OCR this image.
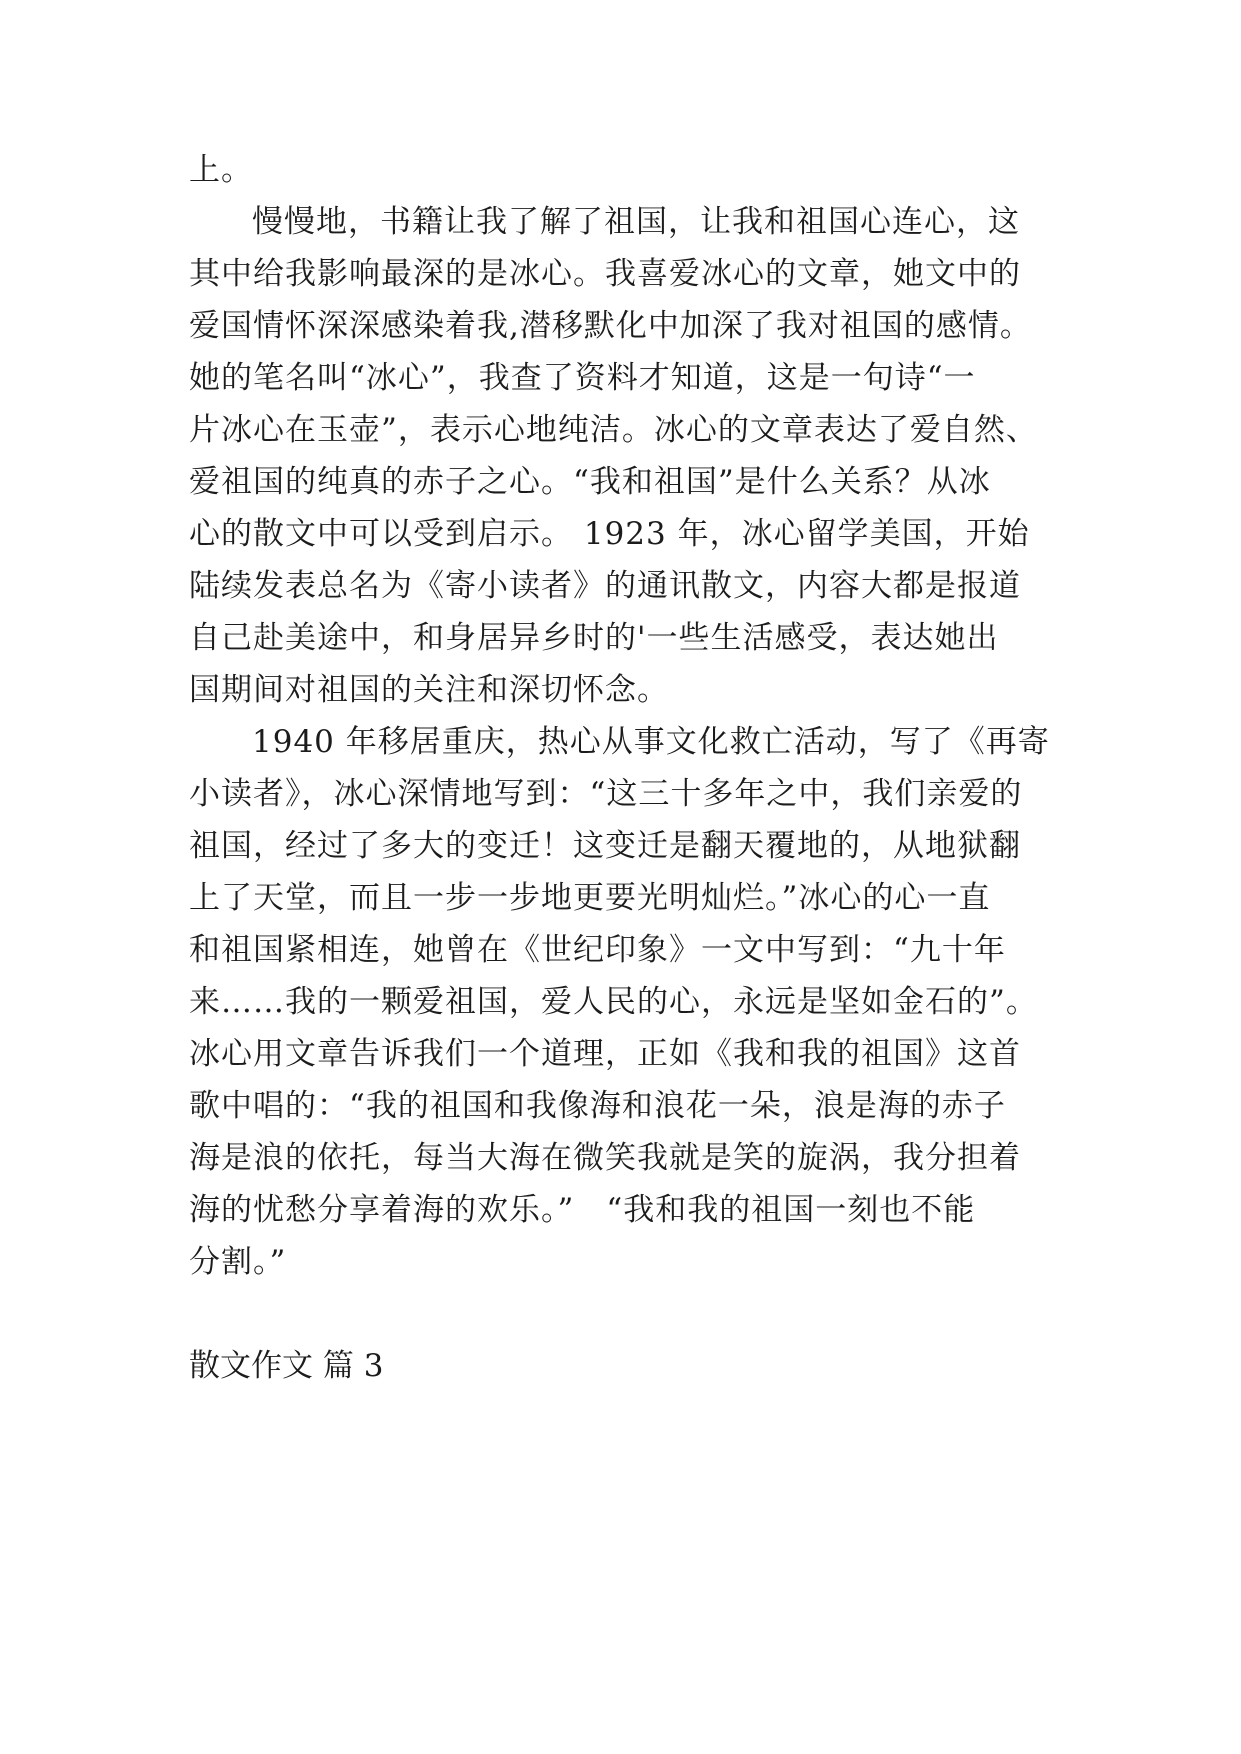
上。
慢慢地，书籍让我了解了祖国，让我和祖国心连心，这
其中给我影响最深的是冰心。我喜爱冰心的文章，她文中的
爱国情怀深深感染着我,潜移默化中加深了我对祖国的感情。
她的笔名叫“冰心”，我查了资料才知道，这是一句诗“一
片冰心在玉壶”，表示心地纯洁。冰心的文章表达了爱自然、
爱祖国的纯真的赤子之心。“我和祖国”是什么关系？从冰
心的散文中可以受到启示。 1923 年，冰心留学美国，开始
陆续发表总名为《寄小读者》的通讯散文，内容大都是报道
自己赴美途中，和身居异乡时的'一些生活感受，表达她出
国期间对祖国的关注和深切怀念。
1940 年移居重庆，热心从事文化救亡活动，写了《再寄
小读者》，冰心深情地写到：“这三十多年之中，我们亲爱的
祖国，经过了多大的变迁！这变迁是翻天覆地的，从地狱翻
上了天堂，而且一步一步地更要光明灿烂。”冰心的心一直
和祖国紧相连，她曾在《世纪印象》一文中写到：“九十年
来……我的一颗爱祖国，爱人民的心，永远是坚如金石的”。
冰心用文章告诉我们一个道理，正如《我和我的祖国》这首
歌中唱的：“我的祖国和我像海和浪花一朵，浪是海的赤子
海是浪的依托，每当大海在微笑我就是笑的旋涡，我分担着
海的忧愁分享着海的欢乐。”　“我和我的祖国一刻也不能
分割。”
散文作文 篇 3
